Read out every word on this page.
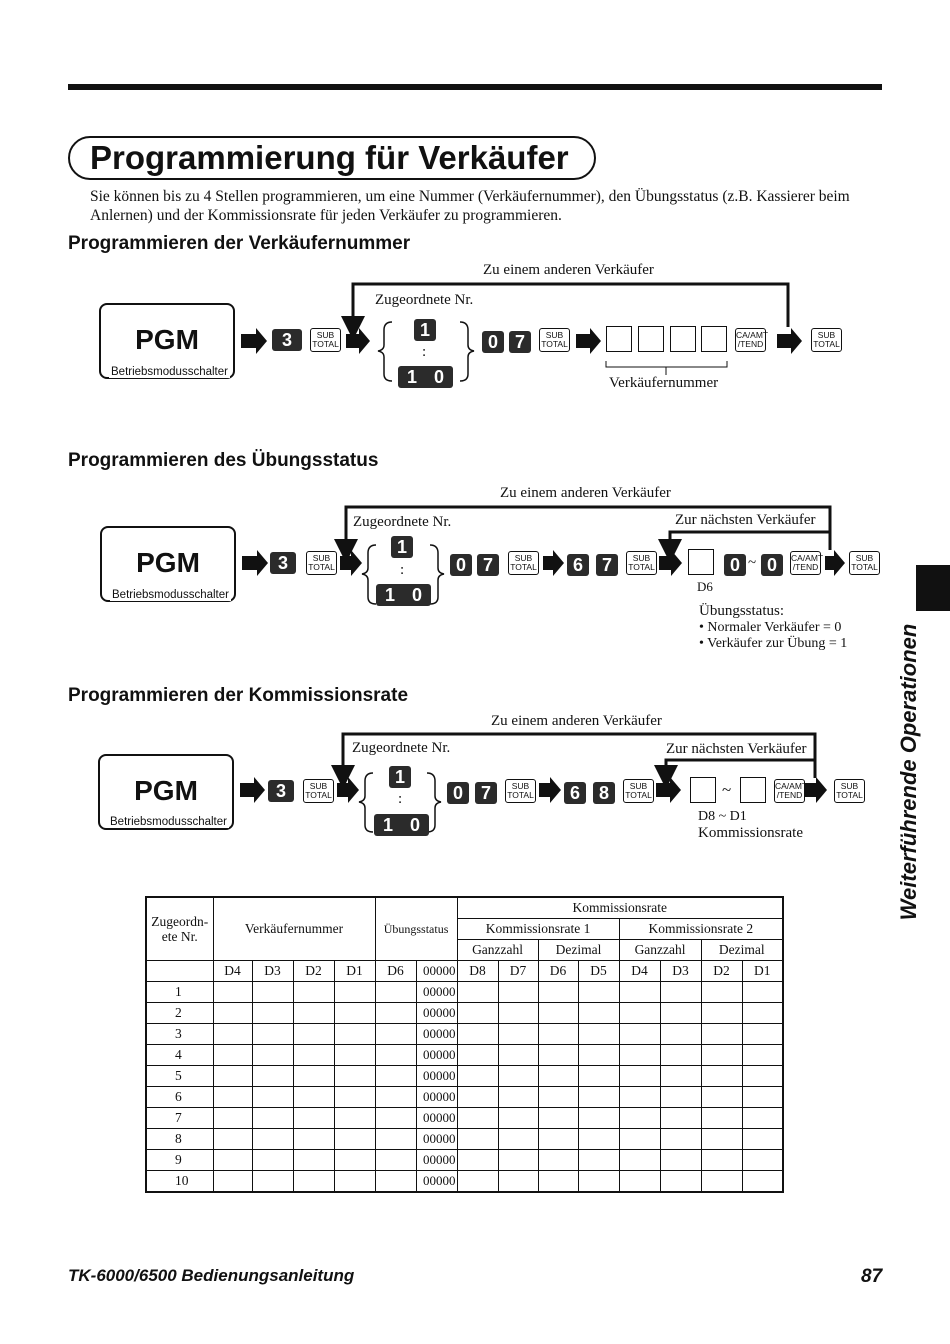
Programmierung für Verkäufer
Sie können bis zu 4 Stellen programmieren, um eine Nummer (Verkäufernummer), den Übungsstatus (z.B. Kassierer beim Anlernen) und der Kommissionsrate für jeden Verkäufer zu programmieren.
Programmieren der Verkäufernummer
Zu einem anderen Verkäufer
Zugeordnete Nr.
PGM
Betriebsmodusschalter
3	SUB
TOTAL
1
:
1 0
0 7	SUB
TOTAL
Verkäufernummer
CA/AMT
/TEND
SUB
TOTAL
Programmieren des Übungsstatus
Zu einem anderen Verkäufer
Zur nächsten Verkäufer
Zugeordnete Nr.
PGM
Betriebsmodusschalter
3	SUB
TOTAL
1
:
1 0
0 7	SUB
TOTAL	6	7	SUB
TOTAL
D6
0 ~ 0	CA/AMT
/TEND
SUB
TOTAL
Übungsstatus:
• Normaler Verkäufer = 0
• Verkäufer zur Übung = 1
Programmieren der Kommissionsrate
Zu einem anderen Verkäufer
Zur nächsten Verkäufer
Zugeordnete Nr.
PGM
Betriebsmodusschalter
3	SUB
TOTAL
1
:
1 0
0 7	SUB
TOTAL	6	8	SUB
TOTAL	~	CA/AMT
/TEND
SUB
TOTAL
D8 ~ D1
Kommissionsrate
Zugeordn-
ete Nr.	Verkäufernummer				Übungsstatus		Kommissionsrate							
							Kommissionsrate 1				Kommissionsrate 2			
							Ganzzahl		Dezimal		Ganzzahl		Dezimal	
	D4	D3	D2	D1	D6	00000	D8	D7	D6	D5	D4	D3	D2	D1
1						00000								
2						00000								
3						00000								
4						00000								
5						00000								
6						00000								
7						00000								
8						00000								
9						00000								
10						00000								
Weiterführende Operationen
TK-6000/6500 Bedienungsanleitung	87
